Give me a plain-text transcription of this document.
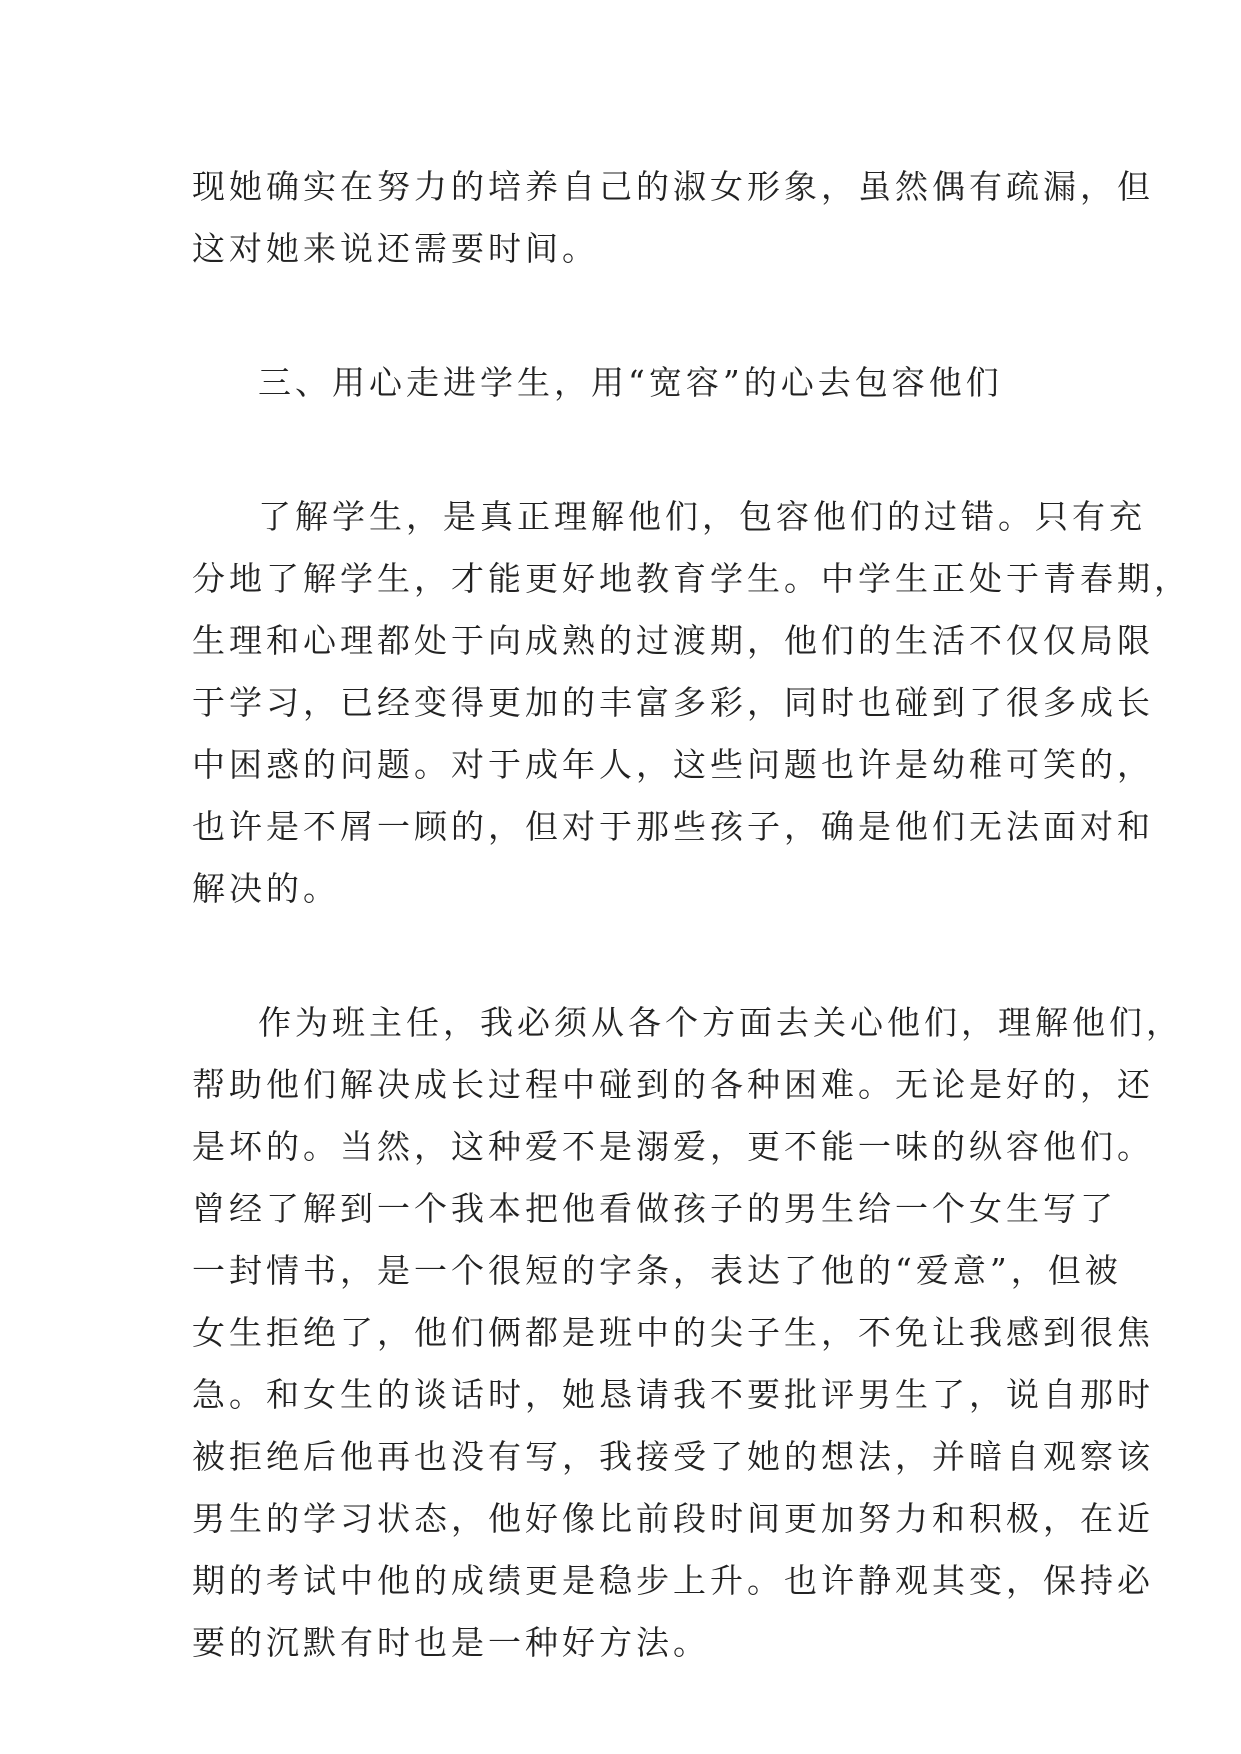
现她确实在努力的培养自己的淑女形象，虽然偶有疏漏，但
这对她来说还需要时间。
三、用心走进学生，用“宽容”的心去包容他们
了解学生，是真正理解他们，包容他们的过错。只有充
分地了解学生，才能更好地教育学生。中学生正处于青春期，
生理和心理都处于向成熟的过渡期，他们的生活不仅仅局限
于学习，已经变得更加的丰富多彩，同时也碰到了很多成长
中困惑的问题。对于成年人，这些问题也许是幼稚可笑的，
也许是不屑一顾的，但对于那些孩子，确是他们无法面对和
解决的。
作为班主任，我必须从各个方面去关心他们，理解他们，
帮助他们解决成长过程中碰到的各种困难。无论是好的，还
是坏的。当然，这种爱不是溺爱，更不能一味的纵容他们。
曾经了解到一个我本把他看做孩子的男生给一个女生写了
一封情书，是一个很短的字条，表达了他的“爱意”，但被
女生拒绝了，他们俩都是班中的尖子生，不免让我感到很焦
急。和女生的谈话时，她恳请我不要批评男生了，说自那时
被拒绝后他再也没有写，我接受了她的想法，并暗自观察该
男生的学习状态，他好像比前段时间更加努力和积极，在近
期的考试中他的成绩更是稳步上升。也许静观其变，保持必
要的沉默有时也是一种好方法。
